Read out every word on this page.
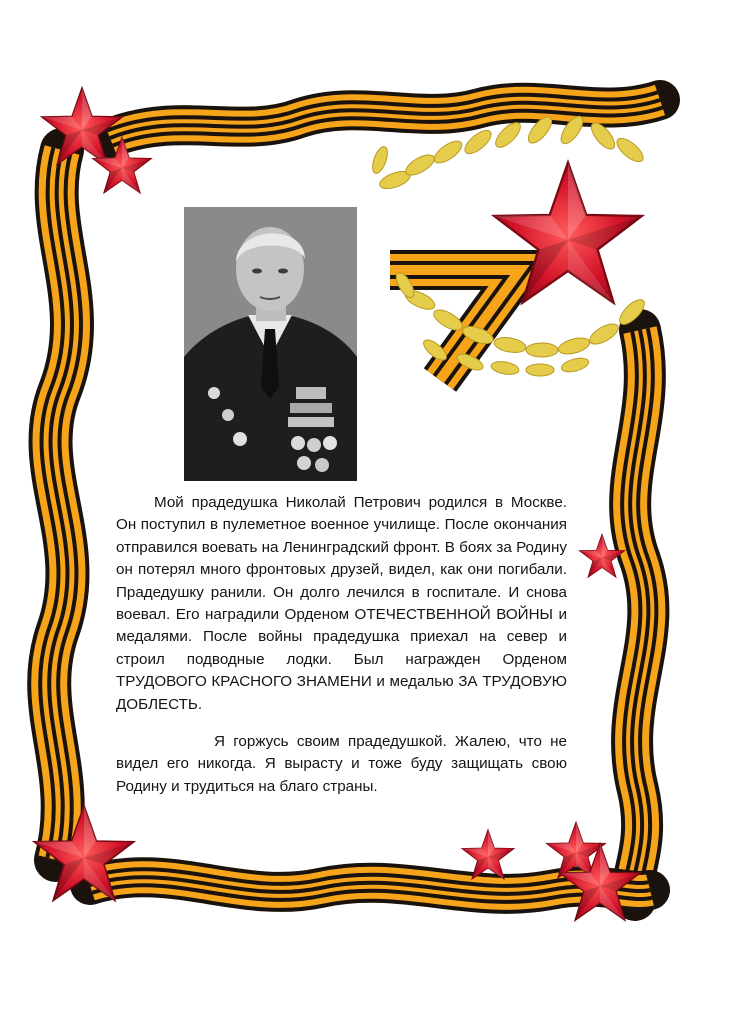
Мой прадедушка Николай Петрович родился в Москве. Он поступил в пулеметное военное училище. После окончания отправился воевать на Ленинградский фронт. В боях за Родину он потерял много фронтовых друзей, видел, как они погибали. Прадедушку ранили. Он долго лечился в госпитале. И снова воевал. Его наградили Орденом ОТЕЧЕСТВЕННОЙ ВОЙНЫ и медалями. После войны прадедушка приехал на север и строил подводные лодки. Был награжден Орденом ТРУДОВОГО КРАСНОГО ЗНАМЕНИ и медалью ЗА ТРУДОВУЮ ДОБЛЕСТЬ.

Я горжусь своим прадедушкой. Жалею, что не видел его никогда. Я вырасту и тоже буду защищать свою Родину и трудиться на благо страны.
